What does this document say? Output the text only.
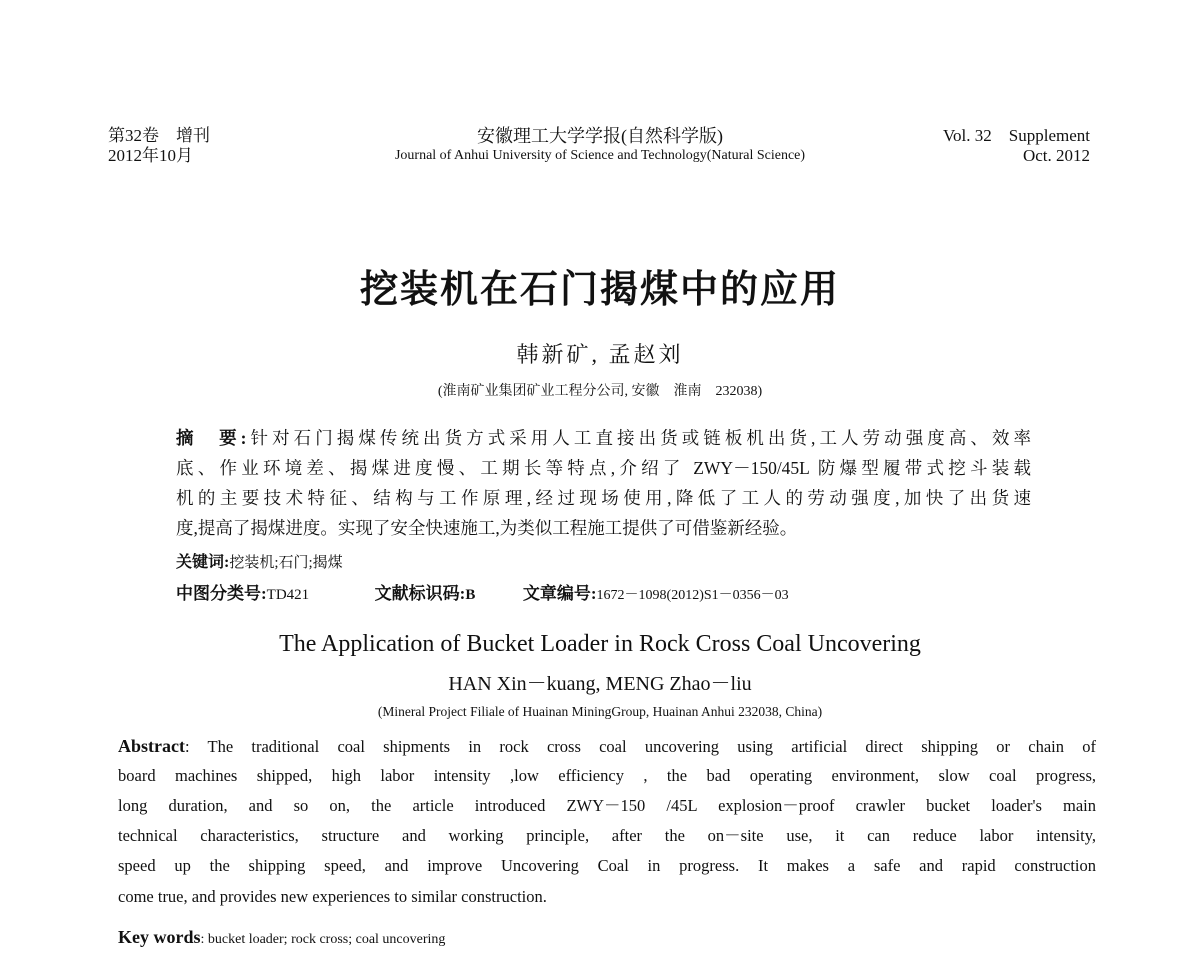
第32卷　增刊
2012年10月
安徽理工大学学报(自然科学版)
Journal of Anhui University of Science and Technology(Natural Science)
Vol. 32　Supplement
Oct. 2012
挖装机在石门揭煤中的应用
韩新矿, 孟赵刘
(淮南矿业集团矿业工程分公司, 安徽　淮南　232038)
摘　要:针对石门揭煤传统出货方式采用人工直接出货或链板机出货,工人劳动强度高、效率
底、作业环境差、揭煤进度慢、工期长等特点,介绍了 ZWY－150/45L 防爆型履带式挖斗装载
机的主要技术特征、结构与工作原理,经过现场使用,降低了工人的劳动强度,加快了出货速
度,提高了揭煤进度。实现了安全快速施工,为类似工程施工提供了可借鉴新经验。
关键词:挖装机;石门;揭煤
中图分类号:TD421	文献标识码:B	文章编号:1672－1098(2012)S1－0356－03
The Application of Bucket Loader in Rock Cross Coal Uncovering
HAN Xin－kuang, MENG Zhao－liu
(Mineral Project Filiale of Huainan MiningGroup, Huainan Anhui 232038, China)
Abstract: The traditional coal shipments in rock cross coal uncovering using artificial direct shipping or chain of
board machines shipped, high labor intensity ,low efficiency , the bad operating environment, slow coal progress,
long duration, and so on, the article introduced ZWY－150 /45L explosion－proof crawler bucket loader's main
technical characteristics, structure and working principle, after the on－site use, it can reduce labor intensity,
speed up the shipping speed, and improve Uncovering Coal in progress. It makes a safe and rapid construction
come true, and provides new experiences to similar construction.
Key words: bucket loader; rock cross; coal uncovering
